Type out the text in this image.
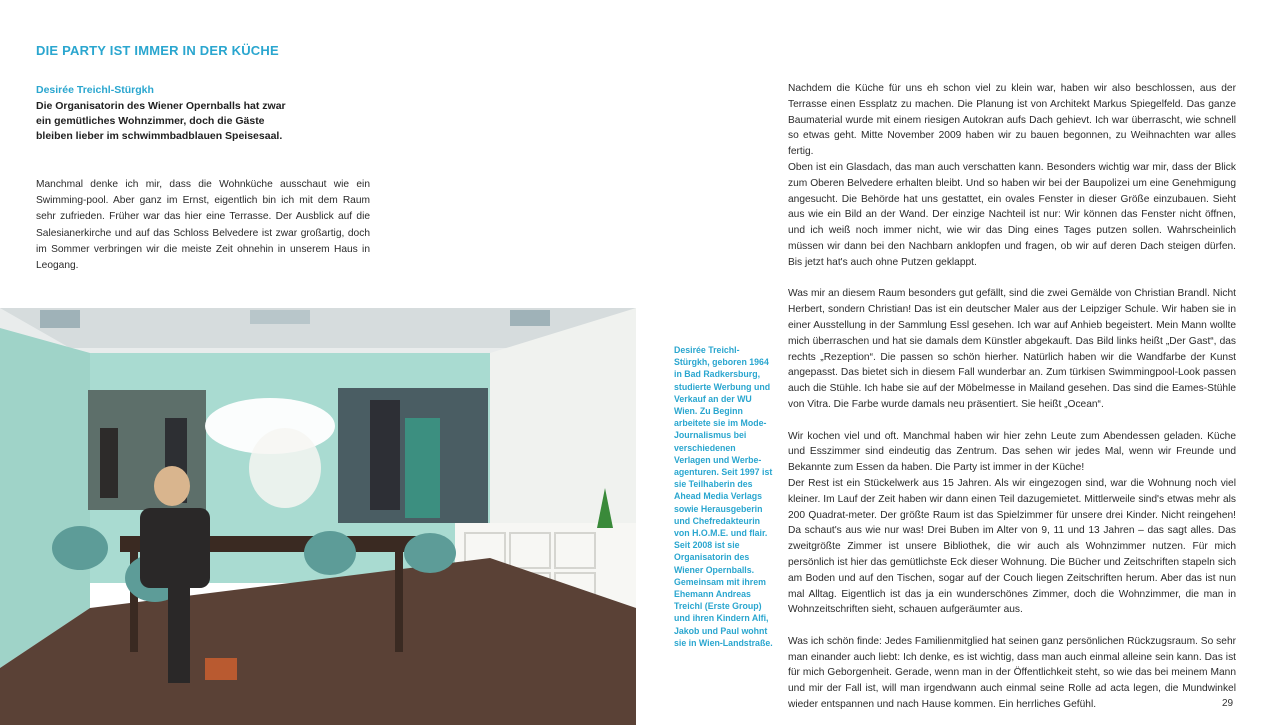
DIE PARTY IST IMMER IN DER KÜCHE
Desirée Treichl-Stürgkh
Die Organisatorin des Wiener Opernballs hat zwar ein gemütliches Wohnzimmer, doch die Gäste bleiben lieber im schwimmbadblauen Speisesaal.
Manchmal denke ich mir, dass die Wohnküche ausschaut wie ein Swimming-pool. Aber ganz im Ernst, eigentlich bin ich mit dem Raum sehr zufrieden. Früher war das hier eine Terrasse. Der Ausblick auf die Salesianerkirche und auf das Schloss Belvedere ist zwar großartig, doch im Sommer verbringen wir die meiste Zeit ohnehin in unserem Haus in Leogang.
Desirée Treichl-Stürgkh, geboren 1964 in Bad Radkersburg, studierte Werbung und Verkauf an der WU Wien. Zu Beginn arbeitete sie im Mode-Journalismus bei verschiedenen Verlagen und Werbe-agenturen. Seit 1997 ist sie Teilhaberin des Ahead Media Verlags sowie Herausgeberin und Chefredakteurin von H.O.M.E. und flair. Seit 2008 ist sie Organisatorin des Wiener Opernballs. Gemeinsam mit ihrem Ehemann Andreas Treichl (Erste Group) und ihren Kindern Alfi, Jakob und Paul wohnt sie in Wien-Landstraße.

Nachdem die Küche für uns eh schon viel zu klein war, haben wir also beschlossen, aus der Terrasse einen Essplatz zu machen. Die Planung ist von Architekt Markus Spiegelfeld. Das ganze Baumaterial wurde mit einem riesigen Autokran aufs Dach gehievt. Ich war überrascht, wie schnell so etwas geht. Mitte November 2009 haben wir zu bauen begonnen, zu Weihnachten war alles fertig.

Oben ist ein Glasdach, das man auch verschatten kann. Besonders wichtig war mir, dass der Blick zum Oberen Belvedere erhalten bleibt. Und so haben wir bei der Baupolizei um eine Genehmigung angesucht. Die Behörde hat uns gestattet, ein ovales Fenster in dieser Größe einzubauen. Sieht aus wie ein Bild an der Wand. Der einzige Nachteil ist nur: Wir können das Fenster nicht öffnen, und ich weiß noch immer nicht, wie wir das Ding eines Tages putzen sollen. Wahrscheinlich müssen wir dann bei den Nachbarn anklopfen und fragen, ob wir auf deren Dach steigen dürfen. Bis jetzt hat's auch ohne Putzen geklappt.

Was mir an diesem Raum besonders gut gefällt, sind die zwei Gemälde von Christian Brandl. Nicht Herbert, sondern Christian! Das ist ein deutscher Maler aus der Leipziger Schule. Wir haben sie in einer Ausstellung in der Sammlung Essl gesehen. Ich war auf Anhieb begeistert. Mein Mann wollte mich überraschen und hat sie damals dem Künstler abgekauft. Das Bild links heißt „Der Gast“, das rechts „Rezeption“. Die passen so schön hierher. Natürlich haben wir die Wandfarbe der Kunst angepasst. Das bietet sich in diesem Fall wunderbar an. Zum türkisen Swimmingpool-Look passen auch die Stühle. Ich habe sie auf der Möbelmesse in Mailand gesehen. Das sind die Eames-Stühle von Vitra. Die Farbe wurde damals neu präsentiert. Sie heißt „Ocean“.

Wir kochen viel und oft. Manchmal haben wir hier zehn Leute zum Abendessen geladen. Küche und Esszimmer sind eindeutig das Zentrum. Das sehen wir jedes Mal, wenn wir Freunde und Bekannte zum Essen da haben. Die Party ist immer in der Küche!

Der Rest ist ein Stückelwerk aus 15 Jahren. Als wir eingezogen sind, war die Wohnung noch viel kleiner. Im Lauf der Zeit haben wir dann einen Teil dazugemietet. Mittlerweile sind's etwas mehr als 200 Quadrat-meter. Der größte Raum ist das Spielzimmer für unsere drei Kinder. Nicht reingehen! Da schaut's aus wie nur was! Drei Buben im Alter von 9, 11 und 13 Jahren – das sagt alles. Das zweitgrößte Zimmer ist unsere Bibliothek, die wir auch als Wohnzimmer nutzen. Für mich persönlich ist hier das gemütlichste Eck dieser Wohnung. Die Bücher und Zeitschriften stapeln sich am Boden und auf den Tischen, sogar auf der Couch liegen Zeitschriften herum. Aber das ist nun mal Alltag. Eigentlich ist das ja ein wunderschönes Zimmer, doch die Wohnzimmer, die man in Wohnzeitschriften sieht, schauen aufgeräumter aus.

Was ich schön finde: Jedes Familienmitglied hat seinen ganz persönlichen Rückzugsraum. So sehr man einander auch liebt: Ich denke, es ist wichtig, dass man auch einmal alleine sein kann. Das ist für mich Geborgenheit. Gerade, wenn man in der Öffentlichkeit steht, so wie das bei meinem Mann und mir der Fall ist, will man irgendwann auch einmal seine Rolle ad acta legen, die Mundwinkel wieder entspannen und nach Hause kommen. Ein herrliches Gefühl.	29
